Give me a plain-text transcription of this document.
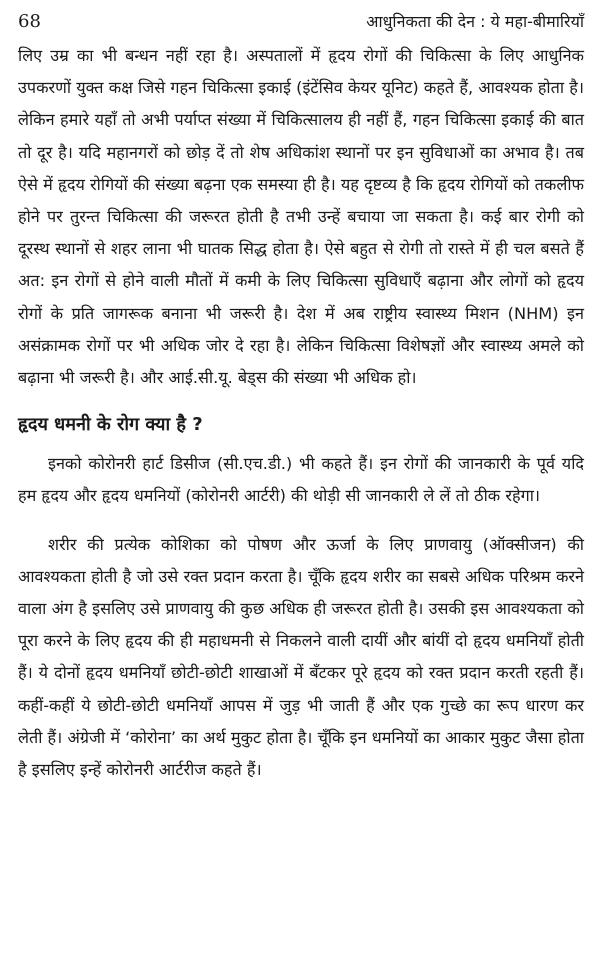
68	आधुनिकता की देन : ये महा-बीमारियाँ

लिए उम्र का भी बन्धन नहीं रहा है। अस्पतालों में हृदय रोगों की चिकित्सा के लिए आधुनिक उपकरणों युक्त कक्ष जिसे गहन चिकित्सा इकाई (इंटेंसिव केयर यूनिट) कहते हैं, आवश्यक होता है। लेकिन हमारे यहाँ तो अभी पर्याप्त संख्या में चिकित्सालय ही नहीं हैं, गहन चिकित्सा इकाई की बात तो दूर है। यदि महानगरों को छोड़ दें तो शेष अधिकांश स्थानों पर इन सुविधाओं का अभाव है। तब ऐसे में हृदय रोगियों की संख्या बढ़ना एक समस्या ही है। यह दृष्टव्य है कि हृदय रोगियों को तकलीफ होने पर तुरन्त चिकित्सा की जरूरत होती है तभी उन्हें बचाया जा सकता है। कई बार रोगी को दूरस्थ स्थानों से शहर लाना भी घातक सिद्ध होता है। ऐसे बहुत से रोगी तो रास्ते में ही चल बसते हैं अत: इन रोगों से होने वाली मौतों में कमी के लिए चिकित्सा सुविधाएँ बढ़ाना और लोगों को हृदय रोगों के प्रति जागरूक बनाना भी जरूरी है। देश में अब राष्ट्रीय स्वास्थ्य मिशन (NHM) इन असंक्रामक रोगों पर भी अधिक जोर दे रहा है। लेकिन चिकित्सा विशेषज्ञों और स्वास्थ्य अमले को बढ़ाना भी जरूरी है। और आई.सी.यू. बेड्स की संख्या भी अधिक हो।

हृदय धमनी के रोग क्या है ?

इनको कोरोनरी हार्ट डिसीज (सी.एच.डी.) भी कहते हैं। इन रोगों की जानकारी के पूर्व यदि हम हृदय और हृदय धमनियों (कोरोनरी आर्टरी) की थोड़ी सी जानकारी ले लें तो ठीक रहेगा।

शरीर की प्रत्येक कोशिका को पोषण और ऊर्जा के लिए प्राणवायु (ऑक्सीजन) की आवश्यकता होती है जो उसे रक्त प्रदान करता है। चूँकि हृदय शरीर का सबसे अधिक परिश्रम करने वाला अंग है इसलिए उसे प्राणवायु की कुछ अधिक ही जरूरत होती है। उसकी इस आवश्यकता को पूरा करने के लिए हृदय की ही महाधमनी से निकलने वाली दायीं और बांयीं दो हृदय धमनियाँ होती हैं। ये दोनों हृदय धमनियाँ छोटी-छोटी शाखाओं में बँटकर पूरे हृदय को रक्त प्रदान करती रहती हैं। कहीं-कहीं ये छोटी-छोटी धमनियाँ आपस में जुड़ भी जाती हैं और एक गुच्छे का रूप धारण कर लेती हैं। अंग्रेजी में ‘कोरोना’ का अर्थ मुकुट होता है। चूँकि इन धमनियों का आकार मुकुट जैसा होता है इसलिए इन्हें कोरोनरी आर्टरीज कहते हैं।
